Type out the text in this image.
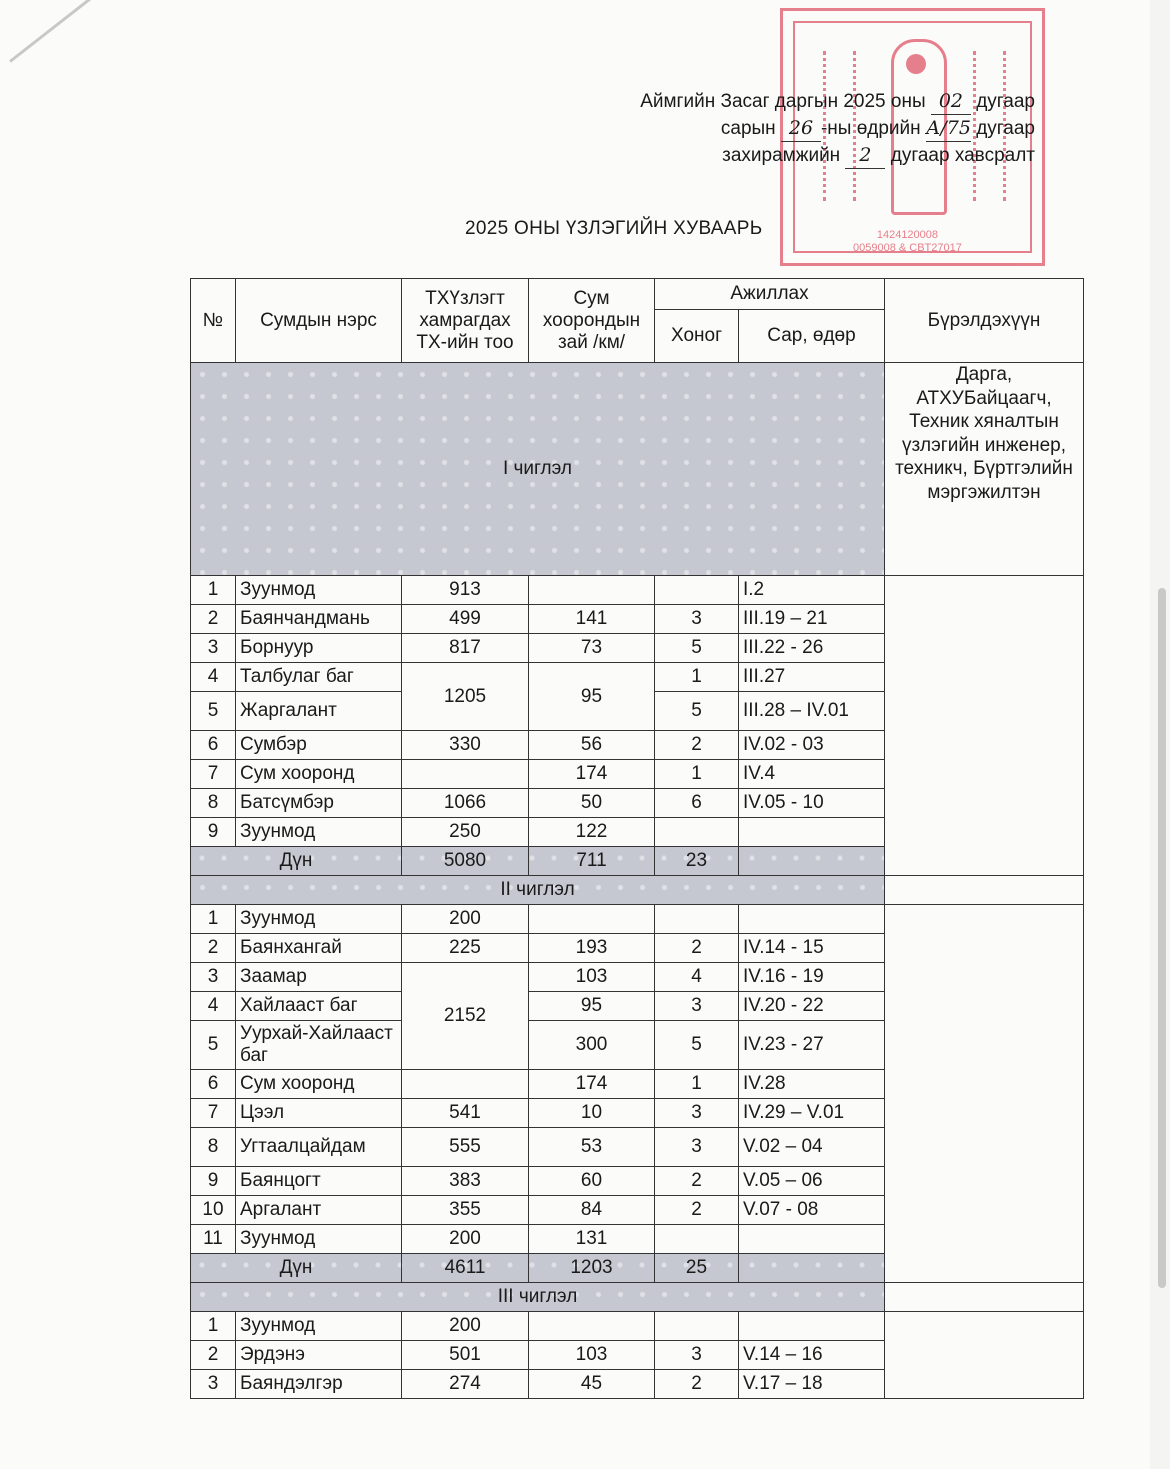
1424120008
0059008 & CBT27017
Аймгийн Засаг даргын 2025 оны 02 дугаар
сарын 26 -ны өдрийн А/75 дугаар
захирамжийн 2 дугаар хавсралт
2025 ОНЫ ҮЗЛЭГИЙН ХУВААРЬ
№	Сумдын нэрс	ТХҮзлэгт хамрагдах ТХ-ийн тоо	Сум хоорондын зай /км/	Ажиллах		Бүрэлдэхүүн
				Хоног	Сар, өдөр	
I чиглэл						Дарга, АТХУБайцаагч, Техник хяналтын үзлэгийн инженер, техникч, Бүртгэлийн мэргэжилтэн
1	Зуунмод	913			I.2	
2	Баянчандмань	499	141	3	III.19 – 21	
3	Борнуур	817	73	5	III.22 - 26	
4	Талбулаг баг	1205	95	1	III.27	
5	Жаргалант			5	III.28 – IV.01	
6	Сумбэр	330	56	2	IV.02 - 03	
7	Сум хооронд		174	1	IV.4	
8	Батсүмбэр	1066	50	6	IV.05 - 10	
9	Зуунмод	250	122			
Дүн		5080	711	23		
II чиглэл						
1	Зуунмод	200				
2	Баянхангай	225	193	2	IV.14 - 15	
3	Заамар	2152	103	4	IV.16 - 19	
4	Хайлааст баг		95	3	IV.20 - 22	
5	Уурхай-Хайлааст баг		300	5	IV.23 - 27	
6	Сум хооронд		174	1	IV.28	
7	Цээл	541	10	3	IV.29 – V.01	
8	Угтаалцайдам	555	53	3	V.02 – 04	
9	Баянцогт	383	60	2	V.05 – 06	
10	Аргалант	355	84	2	V.07 - 08	
11	Зуунмод	200	131			
Дүн		4611	1203	25		
III чиглэл						
1	Зуунмод	200				
2	Эрдэнэ	501	103	3	V.14 – 16	
3	Баяндэлгэр	274	45	2	V.17 – 18	
